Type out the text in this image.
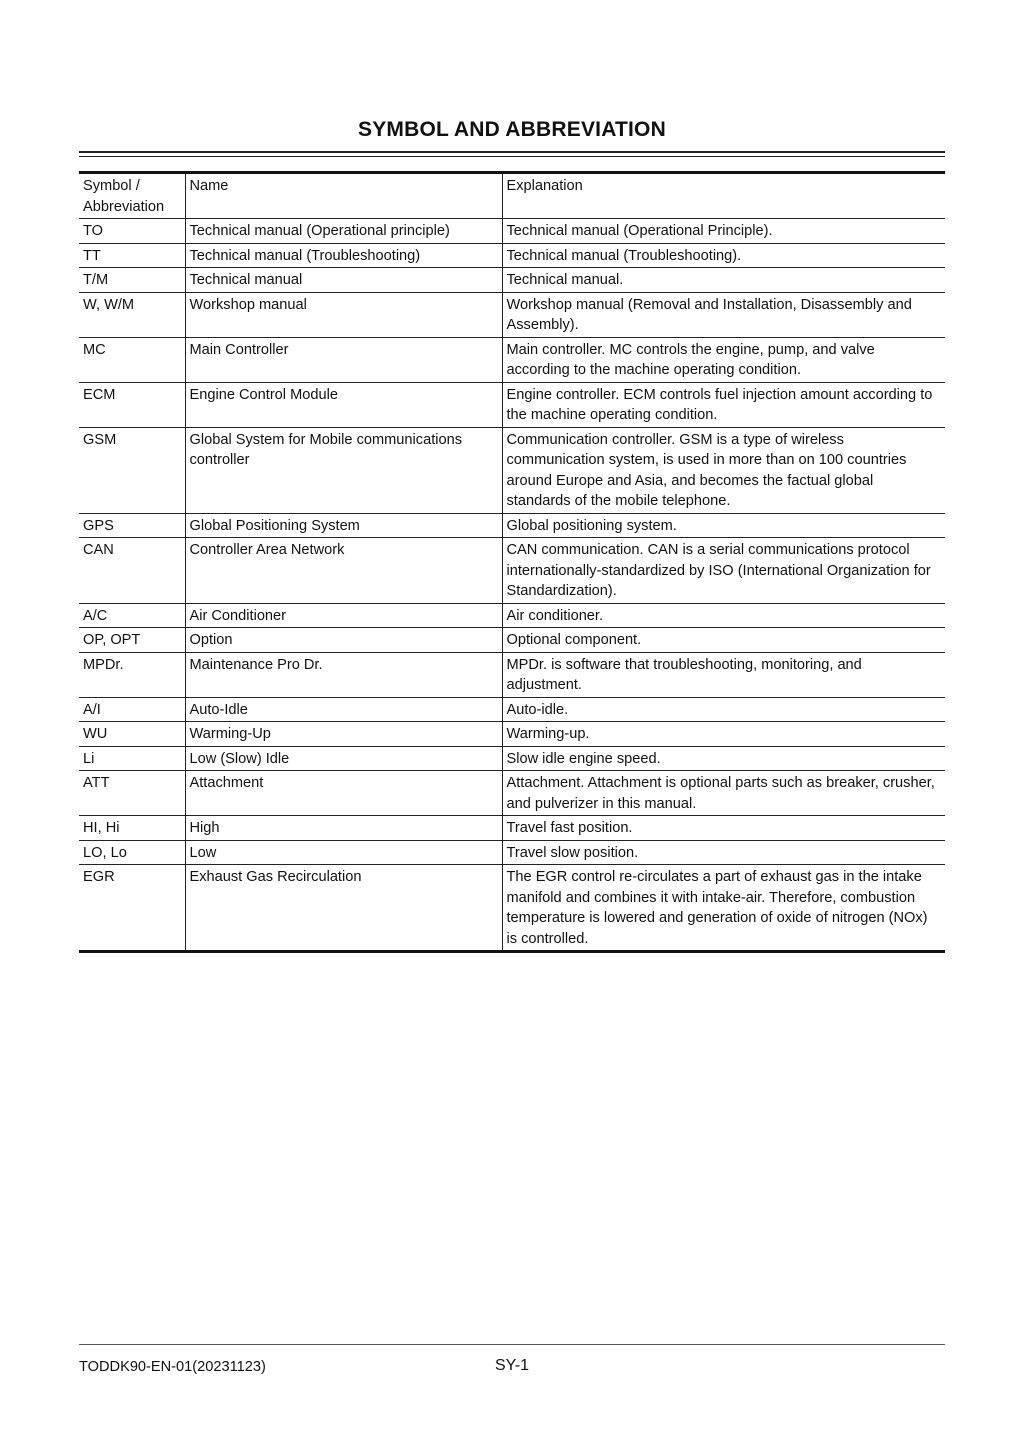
SYMBOL AND ABBREVIATION
Symbol / Abbreviation	Name	Explanation
TO	Technical manual (Operational principle)	Technical manual (Operational Principle).
TT	Technical manual (Troubleshooting)	Technical manual (Troubleshooting).
T/M	Technical manual	Technical manual.
W, W/M	Workshop manual	Workshop manual (Removal and Installation, Disassembly and Assembly).
MC	Main Controller	Main controller. MC controls the engine, pump, and valve according to the machine operating condition.
ECM	Engine Control Module	Engine controller. ECM controls fuel injection amount according to the machine operating condition.
GSM	Global System for Mobile communications controller	Communication controller. GSM is a type of wireless communication system, is used in more than on 100 countries around Europe and Asia, and becomes the factual global standards of the mobile telephone.
GPS	Global Positioning System	Global positioning system.
CAN	Controller Area Network	CAN communication. CAN is a serial communications protocol internationally-standardized by ISO (International Organization for Standardization).
A/C	Air Conditioner	Air conditioner.
OP, OPT	Option	Optional component.
MPDr.	Maintenance Pro Dr.	MPDr. is software that troubleshooting, monitoring, and adjustment.
A/I	Auto-Idle	Auto-idle.
WU	Warming-Up	Warming-up.
Li	Low (Slow) Idle	Slow idle engine speed.
ATT	Attachment	Attachment. Attachment is optional parts such as breaker, crusher, and pulverizer in this manual.
HI, Hi	High	Travel fast position.
LO, Lo	Low	Travel slow position.
EGR	Exhaust Gas Recirculation	The EGR control re-circulates a part of exhaust gas in the intake manifold and combines it with intake-air. Therefore, combustion temperature is lowered and generation of oxide of nitrogen (NOx) is controlled.
TODDK90-EN-01(20231123)	SY-1
